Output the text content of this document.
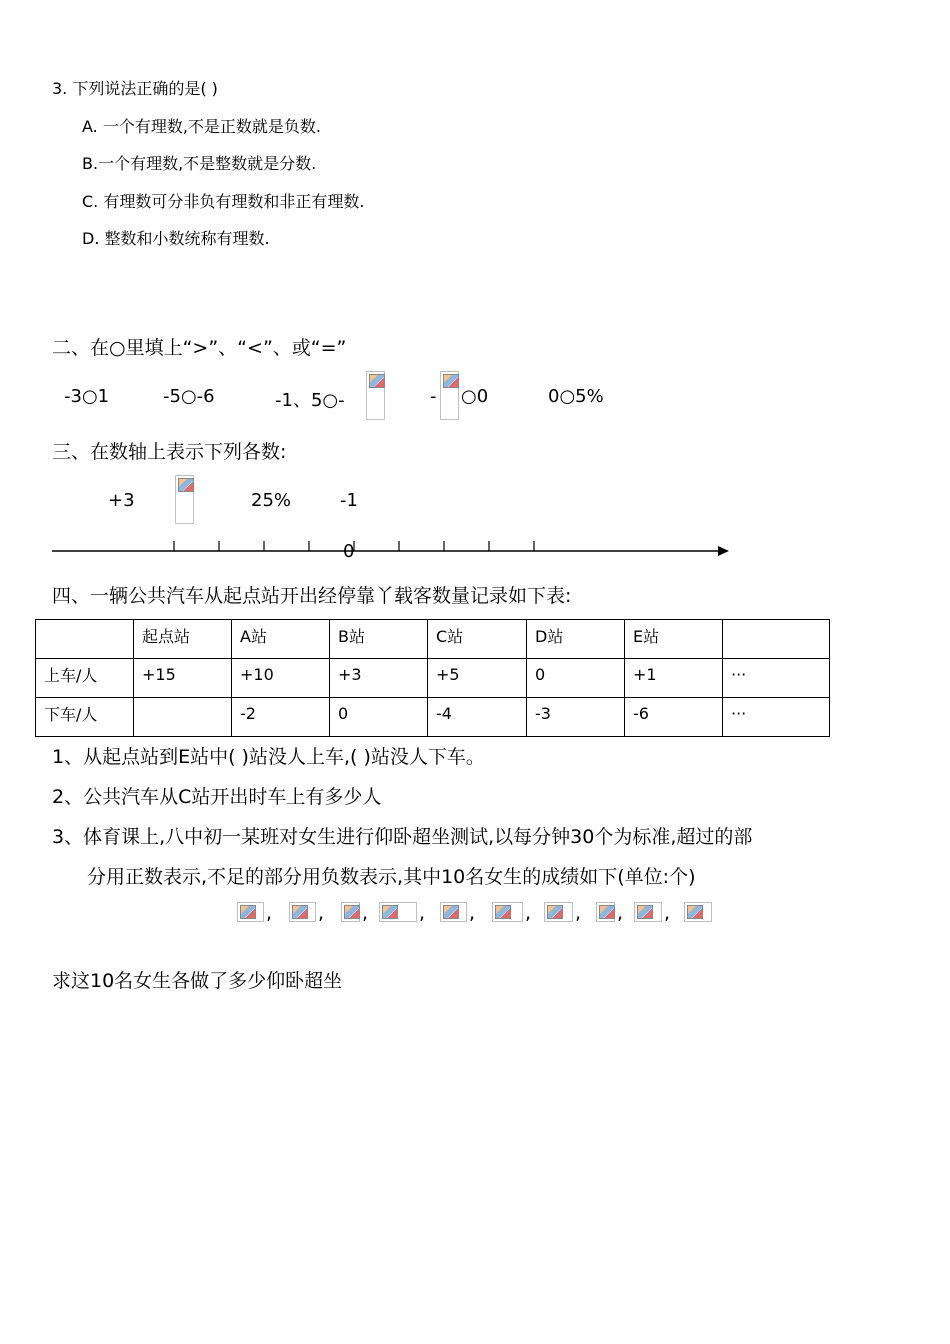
3. 下列说法正确的是( )
A. 一个有理数,不是正数就是负数.
B.一个有理数,不是整数就是分数.
C. 有理数可分非负有理数和非正有理数.
D. 整数和小数统称有理数.
二、在○里填上“>”、“<”、或“=”
-3○1	-5○-6	-1、5○-	- ○0	0○5%
三、在数轴上表示下列各数:
+3	25%	-1
0
四、一辆公共汽车从起点站开出经停靠丫载客数量记录如下表:
	起点站	A站	B站	C站	D站	E站	
上车/人	+15	+10	+3	+5	0	+1	···
下车/人		-2	0	-4	-3	-6	···
1、从起点站到E站中( )站没人上车,( )站没人下车。
2、公共汽车从C站开出时车上有多少人
3、体育课上,八中初一某班对女生进行仰卧超坐测试,以每分钟30个为标准,超过的部
分用正数表示,不足的部分用负数表示,其中10名女生的成绩如下(单位:个)
, , ,	, ,	, , , ,
求这10名女生各做了多少仰卧超坐
